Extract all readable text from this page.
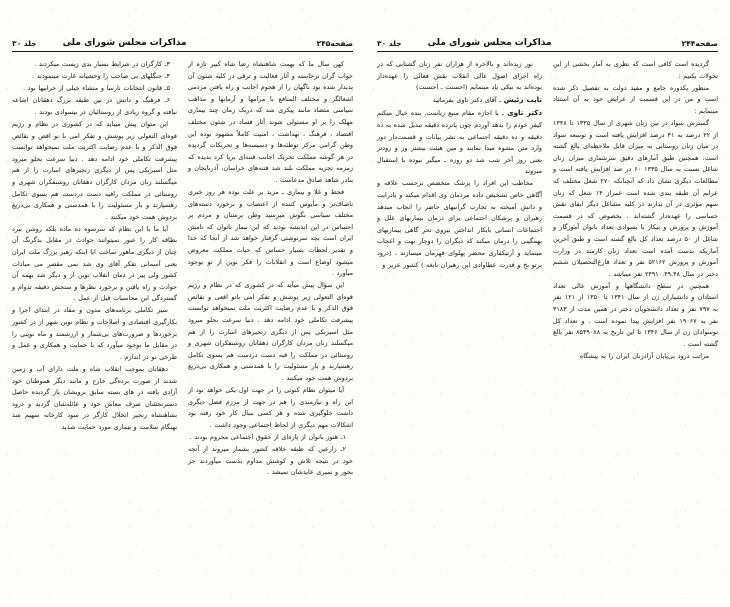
صفحه۲۴۴
مذاکرات مجلس شورای ملی
جلد ۳۰

گردیده است کافی است که نظری به آمار بخشی از این تحولات بکنیم :

منظور یکدوره جامع و مفید دولت به تفصیل ذکر شده است و من در این قسمت از عرایض خود به آن استناد مینمایم :

گسترش سواد در بین زنان شهری از سال ۱۳۳۵ تا ۱۳۴۸ از ۲۲ درصد به ۴۱ درصد افزایش یافته است و توسعه سواد در میان زنان روستایی به میزان قابل ملاحظه‌ای بالغ گشته است. همچنین طبق آمارهای دقیق سرشماری میزان زنان شاغل نسبت به سال ۱۳۳۵ ۶۰ در صد افزایش یافته است و مطالعات دیگری نشان داد که آنچنانکه ۲۷۰ شغل مختلف که عرایم آن طبقه بندی شده است عمراز ۱۴ شغل که زنان سهم مؤثری در آن ندارند در کلیه مشاغل دیگر ایفای نقش حساسی را عهده‌دار گشته‌اند . بخصوص که در قسمت آموزش و پرورش و بیکار با بسوادی تعداد بانوان آموزگار و شاغل از ۵۰ درصد تعداد کل بالغ گشته است و طبق آخرین آماریکه بدست آمده است تعداد زنان کارمند در وزارت آموزش و پرورش ۵۲۱۶۲ نفر و تعداد فارغ‌التحصیلان ششم دختر در سال ۲۴۹۱۰.۴۹.۴۸ نفر میباشد .

همچنین در سطح دانشگاهها و آموزش عالی تعداد استادان و دانشیاران زن از سال ۱۳۴۱ تا ۱۳۵۰ از ۱۲۱ نفر به ۷۹۷ نفر و تعداد دانشجویان دختر در همین مدت از ۴۱۸۳ نفر به ۱۹۰۶۷ نفر افزایش پیدا نموده است . و تعداد کل نوسوادان زن از سال ۱۳۴۶ تا این تاریخ به ۸۵۴۹۰۸۸ نفر بالغ گشته است .

مراتب درود بی‌پایان آزادزنان ایران را به پیشگاه

نور زیده‌اند و بالاخره از هزاران نفر زنان گشتابی که در راه اجرای اصول عالی انقلاب نقش فعالی را عهده‌دار بوده‌اند به نیکی یاد مینمایم (احسنت ـ احسنت)

نایب رئیس ـ آقای دکتر تاوی بفرمائید

دکتر تاوی ـ با اجازه مقام منیع ریاست، بنده خیال میکنم کیفر خودم را بدهد آوردم چون پانزده دقیقه تبدیل شده به ده دقیقه و ده دقیقه اجتماعی به نشر بیانات و قسمت‌دار دور وارد متن مشوه مبدا نمایند و مین هیئت بیشتر وز و زودتر بعنی روز آخر شب شد دو روزه ـ میگیر نبوده با استقبال میروند

مخاطب این افراد را پزشک متخصص برحسب علاقه و آگاهی خاص تشخیص داده مردمان وی اقدام میکند و بادرایت و دانش آمیخته به تجارب گرانبهای حاضر را انجاب میدهد رهبران و پزشکان اجتماعی برای درمان بیماربهای علل و اجتماعات انسانی بابکار انداختن نیروی تحر گاهی بیماربهای بهمگینی را درمان میکند که دیگران را دوچار بهت و اعجاب مینماید و آرتیکفاری محضر پهلوای قهرمان میسازند ، (درود برتو بخ و قدرت عطاوادی این رهبران نابغه ) کشور عزیز و

صفحه۲۴۵
مذاکرات مجلس شورای ملی
جلد ۳۰

کهن سال ما که بهمت شاهنشاه رضا شاه کبیر تازه از خواب گران برخاسته و آثار فعالیت و ترقی در کلیه شئون آن پدیدار شده بود ناگهان را از هجوم اجانب و راه یافتن مردمی اشغالگر و مختلف المنافع با مرامها و آرمانها و مذاهب سیاسی متضاد مانند پیکری شد که دربک زمان چند بیماری مهلک را بر او مستولی شوند آثار فساد در شئون مختلف اقتصاد ، فرهنگ ، بهداشت ، امنیت کاملاً مشهود بوده این وطن گرامی مرکز توطئه‌ها و دسیسه‌ها و تحریکات گردیده در هر گوشه مملکت تحریک اجانب فتنه‌ای برپا کرد بدیده که زمزمه تجزیه مملکت بلند شد فتنه‌های خراسان، آذربایجان و بنادر شاهد صادق مدعاست .

قحط و غلا و بیماری ـ مزید بر علت بوده هر روز خبری ناصاف‌تر و مأیوس کننده از اعتصاب و برخورد دسته‌های مختلف سیاسی بگوش میرسید وطن پرستان و مردم پر احساس در این اندیشه بودند که این بیمار ناتوان که نامش ایران است بچه سرنوشتی گرفتار خواهد شد از آنجا که خدا و تقدیر لحظات بسیار حساس که حیات مملکت معروض میشود اوضاع است و انقلابات را فکر نوین از نو بوجود میآورد .

این سؤال پیش میآید که در کشوری که در نظام و رژیم قوه‌ای التعولی زیر پوشش و تفکر امی باتو اقعی و نقائص فوق الذکر و با عدم رضایت اکثریت ملت نمیخواهد توانست پیشرفت تکاملی خود ادامه دهد . دنیا سرعت بجلو میرود مثل اسیربکی پس از دیگری زنجیرهای اسارت را از هم میگسلند زنان مردان کارگران دهقانان روشنفکران شهری و روستائی در مملکت را قبه دست دردست هم بسوی تکامل رهسپارند و بار مسئولیت را با همدستی و همکاری بی‌دریغ بردوش همت خود میکنند .

آیا میتوان نظام کنونی را در جهت اول یکی خواهد بود از این راه و نیازمندی را هم در جهت از مرزم فضل دیگری داشت جلوگیری شده و هر کسی بنبال کار خود رفته بود اشکالات مهم دیگری از لحاظ اجتماعی وجود داشت .

۱ـ هنوز بانوان از پاره‌ای از حقوق اجتماعی محروم بودند .

۲ـ زارعین که طبقه خلاقه کشور بشمار میروند از آنچه خود در نتیجه تلاش و کوشش مداوم بدست میآوردند جز بخور و نمیری عایدشان نمیشد .

۳ـ کارگران در شرایط بسیار بدی زیست میکردند .

۴ـ جنگلهای بی صاحب را وحشیانه غارت مینمودند .

۵ـ قانون انتخابات نارسا و منشاء خیلی از خرابیها بود .

۶ـ فرهنگ و دانش در بین طبقه بزرگ دهقانان اشاعه نیافته و گروه زیادی از روستائیان در بیسوادی بودند .

این متوان پیش میباید که در کشوری در نظام و رژیم قوه‌ای التعولی زیر پوشش و تفکر امی با نو اقص و نقائص فوق الذکر و با عدم رضایت اکثریت ملت نمیخواهد توانست پیشرفت تکاملی خود ادامه دهد . دنیا سرعت بجلو میرود مثل اسیربکی پس از دیگری زنجیرهای اسارت را از هم میگسلند زنان مردان کارگران دهقانان روشنفکران شهری و روستائی در مملکت رافیه دست دردست هم بسوی تکامل رهسپارند و بار مسئولیت را با همدستی و همکاری بی‌دریغ بردوش همت خود میکنند .

آیا ما با این نظام که سرسوه ده ماده بلکه روشن ببرد بطاقه کار را عبور نمیتوانند حوادث در مقابل بدگرنگ آن چنان از دیگری ماهور ساخت ابا اینکه رهبر بزرگ ملت ایران یعنی آسمانی تفکر آقای وی شد نمی مقصر می مبادات کشور ولی پیر در دمان انقلاب نوین از و دیگر شد بهمه آن حوادث و راه یافتن و برخورد نظرها و سنجش دقیقه تدوام و گستردگی این محاسبات قبل از عمل .

سیر تکاملی برنامه‌های مدون و مفاد در ابتدای اجرا و بکارگیری اقتصادی و اصلاحات و نظام نوین شهر از در کشور برخوردها و ضرورت‌های بی‌شمار و ارزشمند و ماه نوینی را در مقابل ما بوجود میآورد که با حمایت و همکاری و عمل و طرحی نو در اندازم .

دهقانان بموجب انقلاب شاه و ملت دارای آب و زمین شدند از صورت برده‌گی خارج و مانند دیگر هموطنان خود آزادی یافته در های بسته سابق برویشان باز گردیده حاصل دسترنجشان صرف معاش خود و عائله‌شان گردید و درود بشاهنشاه زنجیر انحلال کارگر در سود کارخانه سهیم شد بهنگام سلامت و بیماری مورد حمایت شدید
